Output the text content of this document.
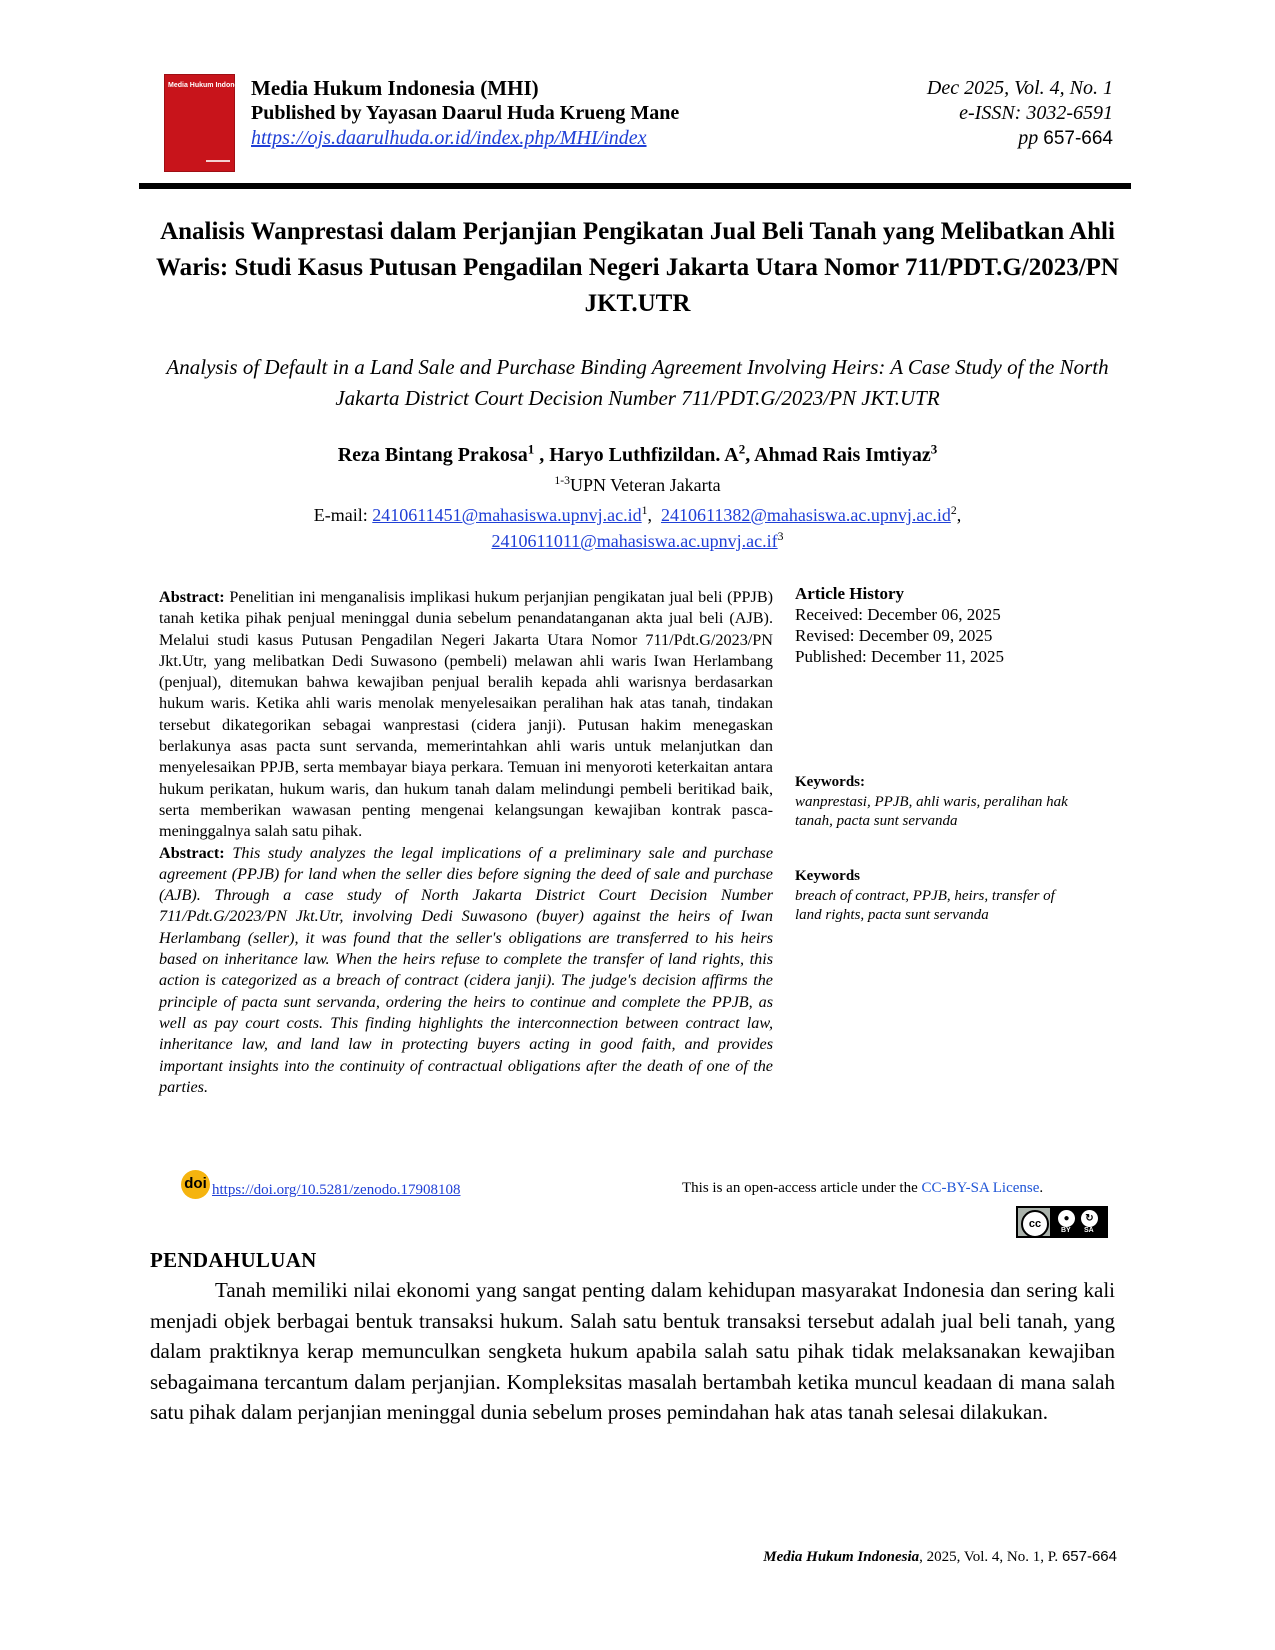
Media Hukum Indonesia (MHI)
Media Hukum Indonesia (MHI)
Published by Yayasan Daarul Huda Krueng Mane
https://ojs.daarulhuda.or.id/index.php/MHI/index
Dec 2025, Vol. 4, No. 1
e-ISSN: 3032-6591
pp 657-664
Analisis Wanprestasi dalam Perjanjian Pengikatan Jual Beli Tanah yang Melibatkan Ahli Waris: Studi Kasus Putusan Pengadilan Negeri Jakarta Utara Nomor 711/PDT.G/2023/PN JKT.UTR
Analysis of Default in a Land Sale and Purchase Binding Agreement Involving Heirs: A Case Study of the North Jakarta District Court Decision Number 711/PDT.G/2023/PN JKT.UTR
Reza Bintang Prakosa$^1$ , Haryo Luthfizildan. $A^2$, Ahmad Rais Imtiyaz$^3$
$^{1-3}$UPN Veteran Jakarta
E-mail: $2410611451@mahasiswa.upnvj.ac.id^1$,  $2410611382@mahasiswa.ac.upnvj.ac.id^2$,
$2410611011@mahasiswa.ac.upnvj.ac.if^3$

Abstract: Penelitian ini menganalisis implikasi hukum perjanjian pengikatan jual beli (PPJB) tanah ketika pihak penjual meninggal dunia sebelum penandatanganan akta jual beli (AJB). Melalui studi kasus Putusan Pengadilan Negeri Jakarta Utara Nomor 711/Pdt.G/2023/PN Jkt.Utr, yang melibatkan Dedi Suwasono (pembeli) melawan ahli waris Iwan Herlambang (penjual), ditemukan bahwa kewajiban penjual beralih kepada ahli warisnya berdasarkan hukum waris. Ketika ahli waris menolak menyelesaikan peralihan hak atas tanah, tindakan tersebut dikategorikan sebagai wanprestasi (cidera janji). Putusan hakim menegaskan berlakunya asas pacta sunt servanda, memerintahkan ahli waris untuk melanjutkan dan menyelesaikan PPJB, serta membayar biaya perkara. Temuan ini menyoroti keterkaitan antara hukum perikatan, hukum waris, dan hukum tanah dalam melindungi pembeli beritikad baik, serta memberikan wawasan penting mengenai kelangsungan kewajiban kontrak pasca-meninggalnya salah satu pihak.

Abstract: This study analyzes the legal implications of a preliminary sale and purchase agreement (PPJB) for land when the seller dies before signing the deed of sale and purchase (AJB). Through a case study of North Jakarta District Court Decision Number 711/Pdt.G/2023/PN Jkt.Utr, involving Dedi Suwasono (buyer) against the heirs of Iwan Herlambang (seller), it was found that the seller's obligations are transferred to his heirs based on inheritance law. When the heirs refuse to complete the transfer of land rights, this action is categorized as a breach of contract (cidera janji). The judge's decision affirms the principle of pacta sunt servanda, ordering the heirs to continue and complete the PPJB, as well as pay court costs. This finding highlights the interconnection between contract law, inheritance law, and land law in protecting buyers acting in good faith, and provides important insights into the continuity of contractual obligations after the death of one of the parties.

Article History
Received: December 06, 2025
Revised: December 09, 2025
Published: December 11, 2025
Keywords:
wanprestasi, PPJB, ahli waris, peralihan hak tanah, pacta sunt servanda
Keywords
breach of contract, PPJB, heirs, transfer of land rights, pacta sunt servanda
doi https://doi.org/10.5281/zenodo.17908108	This is an open-access article under the CC-BY-SA License.
cc	●	↻
BY SA
PENDAHULUAN

Tanah memiliki nilai ekonomi yang sangat penting dalam kehidupan masyarakat Indonesia dan sering kali menjadi objek berbagai bentuk transaksi hukum. Salah satu bentuk transaksi tersebut adalah jual beli tanah, yang dalam praktiknya kerap memunculkan sengketa hukum apabila salah satu pihak tidak melaksanakan kewajiban sebagaimana tercantum dalam perjanjian. Kompleksitas masalah bertambah ketika muncul keadaan di mana salah satu pihak dalam perjanjian meninggal dunia sebelum proses pemindahan hak atas tanah selesai dilakukan.

Media Hukum Indonesia, 2025, Vol. 4, No. 1, P. 657-664
